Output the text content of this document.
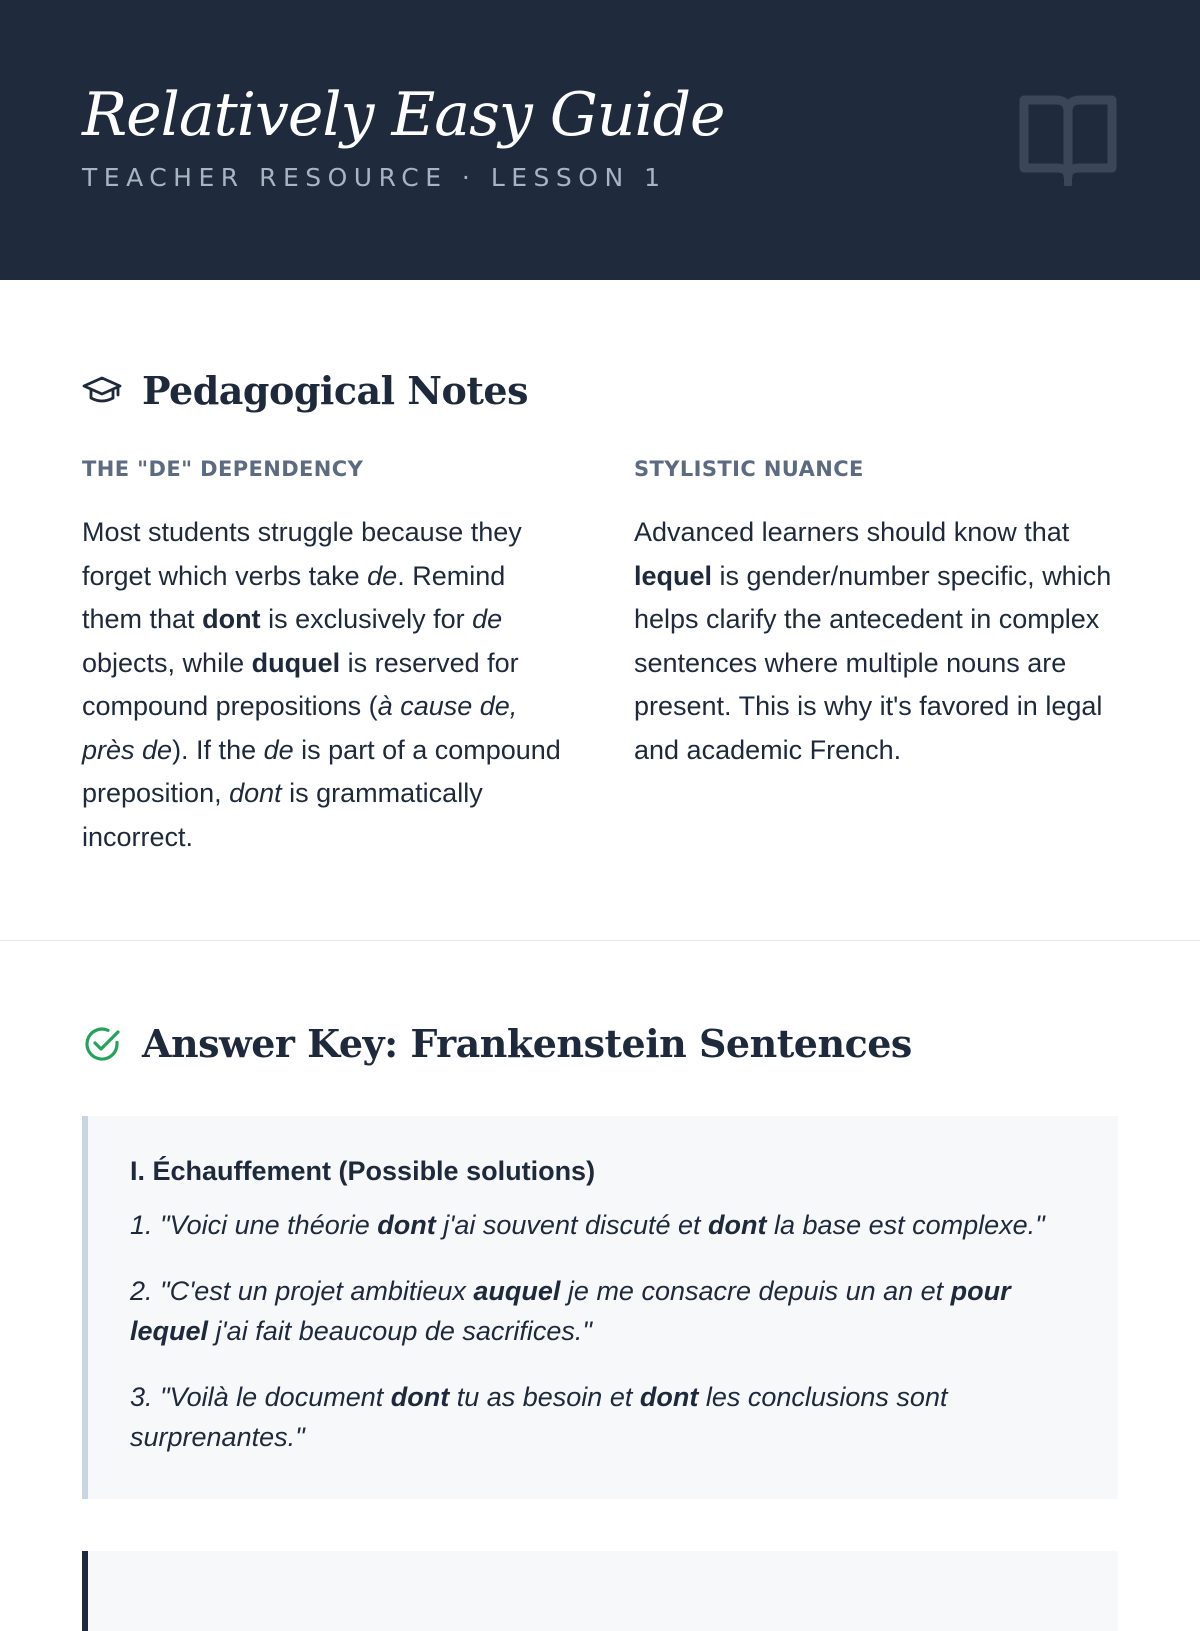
Relatively Easy Guide
TEACHER RESOURCE · LESSON 1
Pedagogical Notes
THE "DE" DEPENDENCY

Most students struggle because they forget which verbs take de. Remind them that dont is exclusively for de objects, while duquel is reserved for compound prepositions (à cause de, près de). If the de is part of a compound preposition, dont is grammatically incorrect.

STYLISTIC NUANCE

Advanced learners should know that lequel is gender/number specific, which helps clarify the antecedent in complex sentences where multiple nouns are present. This is why it's favored in legal and academic French.

Answer Key: Frankenstein Sentences
I. Échauffement (Possible solutions)

1. "Voici une théorie dont j'ai souvent discuté et dont la base est complexe."

2. "C'est un projet ambitieux auquel je me consacre depuis un an et pour lequel j'ai fait beaucoup de sacrifices."

3. "Voilà le document dont tu as besoin et dont les conclusions sont surprenantes."
